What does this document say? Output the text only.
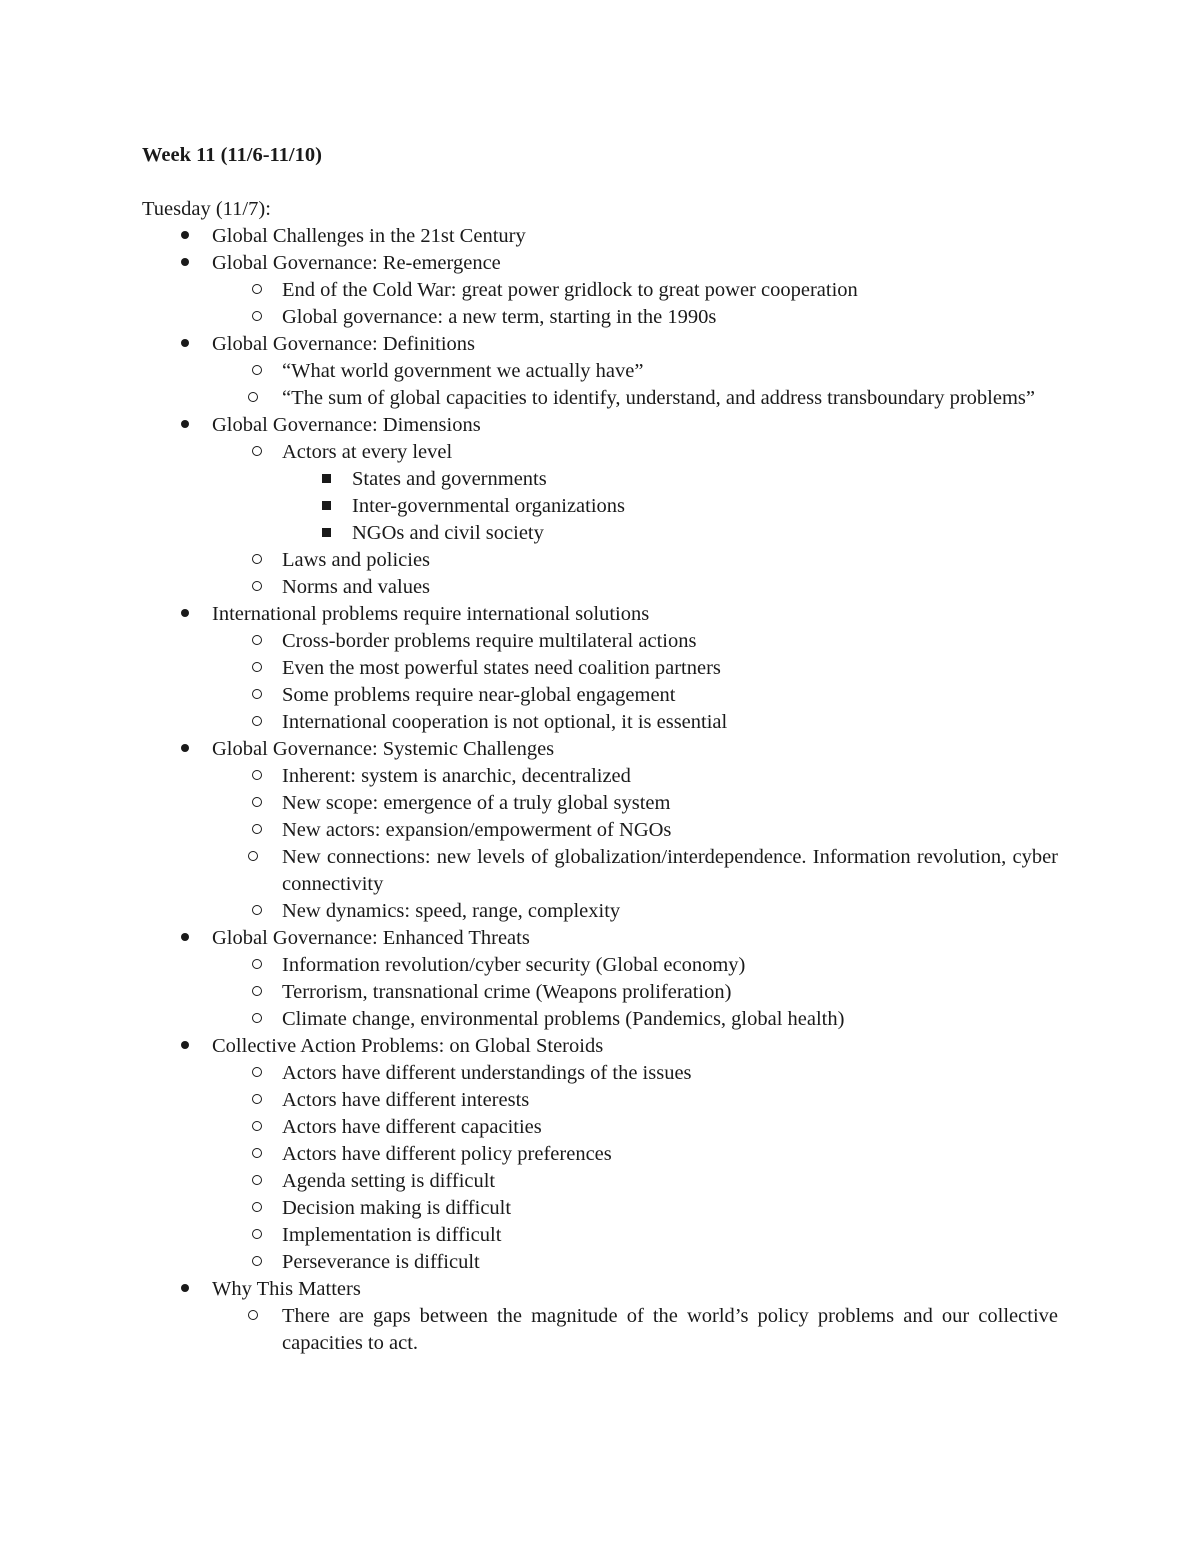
Week 11 (11/6-11/10)
Tuesday (11/7):
Global Challenges in the 21st Century
Global Governance: Re-emergence
End of the Cold War: great power gridlock to great power cooperation
Global governance: a new term, starting in the 1990s
Global Governance: Definitions
“What world government we actually have”
“The sum of global capacities to identify, understand, and address transboundary problems”
Global Governance: Dimensions
Actors at every level
States and governments
Inter-governmental organizations
NGOs and civil society
Laws and policies
Norms and values
International problems require international solutions
Cross-border problems require multilateral actions
Even the most powerful states need coalition partners
Some problems require near-global engagement
International cooperation is not optional, it is essential
Global Governance: Systemic Challenges
Inherent: system is anarchic, decentralized
New scope: emergence of a truly global system
New actors: expansion/empowerment of NGOs
New connections: new levels of globalization/interdependence. Information revolution, cyber connectivity
New dynamics: speed, range, complexity
Global Governance: Enhanced Threats
Information revolution/cyber security (Global economy)
Terrorism, transnational crime (Weapons proliferation)
Climate change, environmental problems (Pandemics, global health)
Collective Action Problems: on Global Steroids
Actors have different understandings of the issues
Actors have different interests
Actors have different capacities
Actors have different policy preferences
Agenda setting is difficult
Decision making is difficult
Implementation is difficult
Perseverance is difficult
Why This Matters
There are gaps between the magnitude of the world’s policy problems and our collective capacities to act.
